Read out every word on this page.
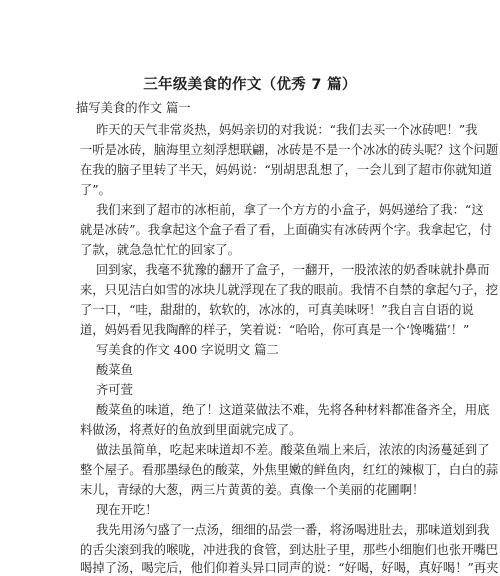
三年级美食的作文（优秀 7 篇）
描写美食的作文 篇一
昨天的天气非常炎热，妈妈亲切的对我说：“我们去买一个冰砖吧！”我
一听是冰砖，脑海里立刻浮想联翩，冰砖是不是一个冰冰的砖头呢？这个问题
在我的脑子里转了半天，妈妈说：“别胡思乱想了，一会儿到了超市你就知道
了”。
我们来到了超市的冰柜前，拿了一个方方的小盒子，妈妈递给了我：“这
就是冰砖”。我拿起这个盒子看了看，上面确实有冰砖两个字。我拿起它，付
了款，就急急忙忙的回家了。
回到家，我毫不犹豫的翻开了盒子，一翻开，一股浓浓的奶香味就扑鼻而
来，只见洁白如雪的冰块儿就浮现在了我的眼前。我情不自禁的拿起勺子，挖
了一口，“哇，甜甜的，软软的，冰冰的，可真美味呀！”我自言自语的说
道，妈妈看见我陶醉的样子，笑着说：“哈哈，你可真是一个‘馋嘴猫’！”
写美食的作文 400 字说明文 篇二
酸菜鱼
齐可萱
酸菜鱼的味道，绝了！这道菜做法不难，先将各种材料都准备齐全，用底
料做汤，将煮好的鱼放到里面就完成了。
做法虽简单，吃起来味道却不差。酸菜鱼端上来后，浓浓的肉汤蔓延到了
整个屋子。看那墨绿色的酸菜，外焦里嫩的鲜鱼肉，红红的辣椒丁，白白的蒜
末儿，青绿的大葱，两三片黄黄的姜。真像一个美丽的花圃啊！
现在开吃！
我先用汤勺盛了一点汤，细细的品尝一番，将汤喝进肚去，那味道划到我
的舌尖滚到我的喉咙，冲进我的食管，到达肚子里，那些小细胞们也张开嘴巴
喝掉了汤，喝完后，他们仰着头异口同声的说：“好喝，好喝，真好喝！”再夹
